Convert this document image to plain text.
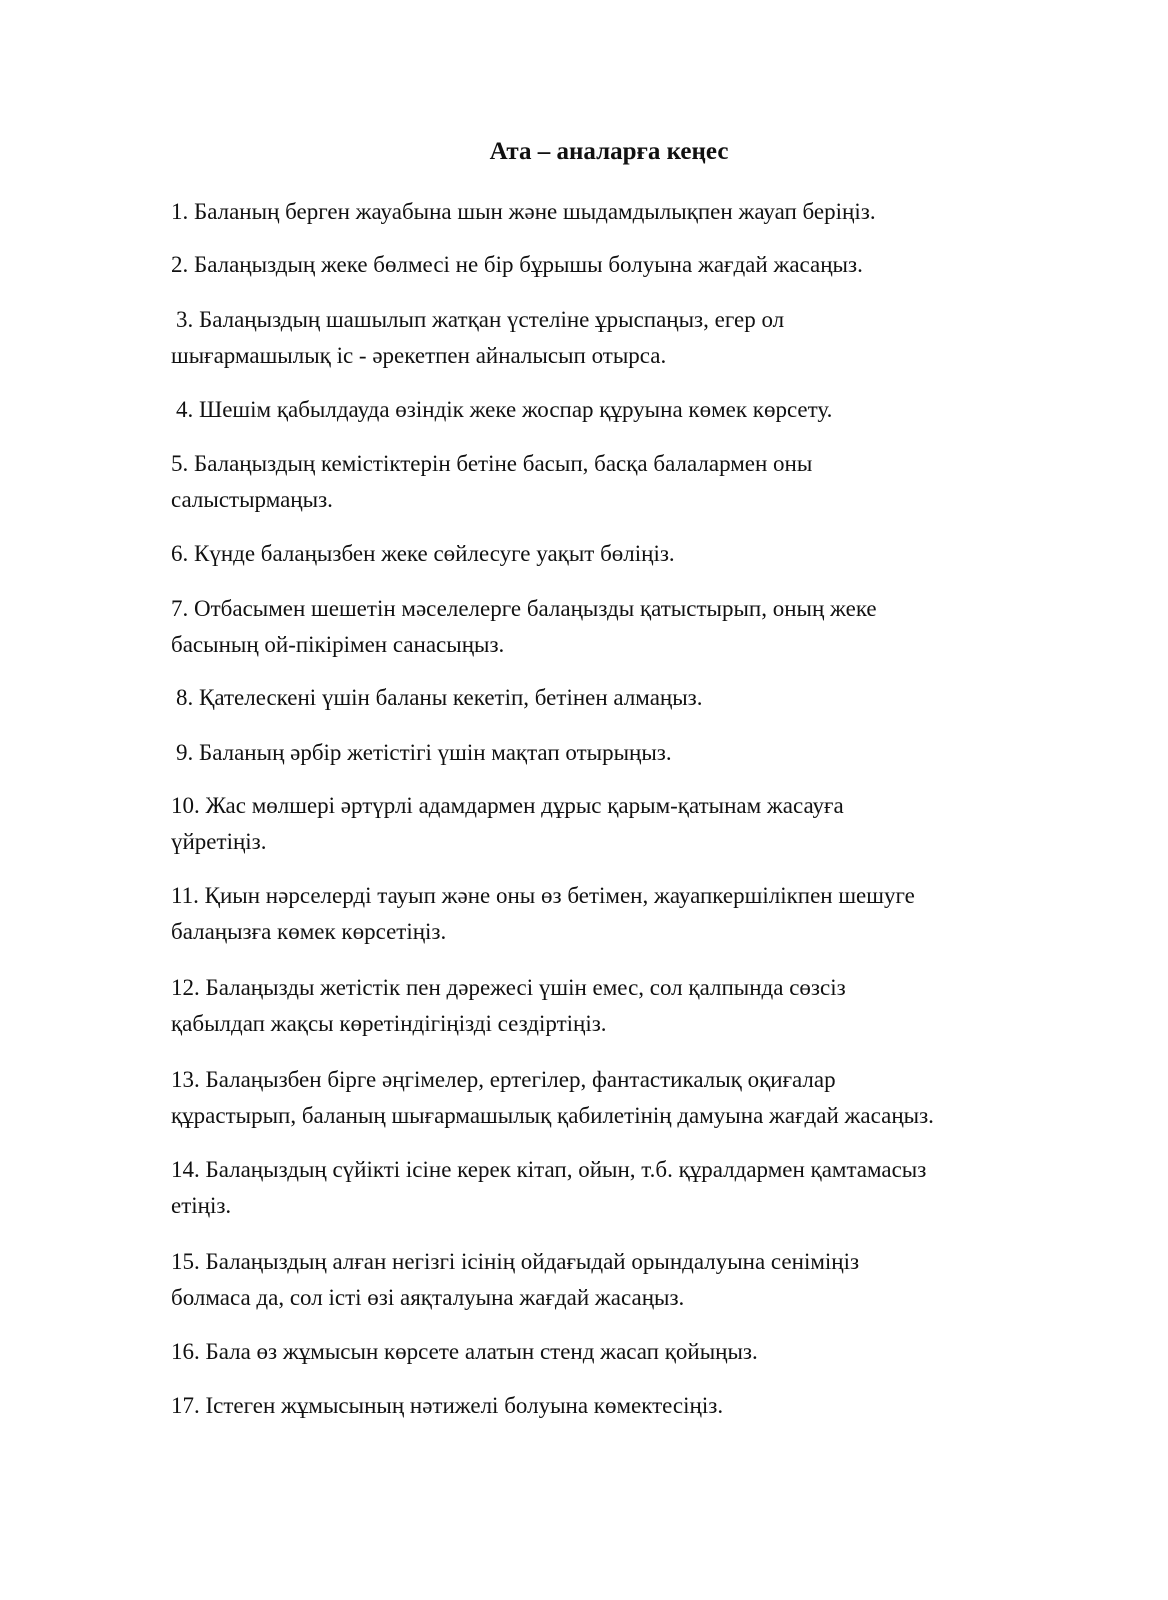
Ата – аналарға кеңес

1. Баланың берген жауабына шын және шыдамдылықпен жауап беріңіз.

2. Балаңыздың жеке бөлмесі не бір бұрышы болуына жағдай жасаңыз.

3. Балаңыздың шашылып жатқан үстеліне ұрыспаңыз, егер ол
шығармашылық іс - әрекетпен айналысып отырса.

4. Шешім қабылдауда өзіндік жеке жоспар құруына көмек көрсету.

5. Балаңыздың кемістіктерін бетіне басып, басқа балалармен оны
салыстырмаңыз.

6. Күнде балаңызбен жеке сөйлесуге уақыт бөліңіз.

7. Отбасымен шешетін мәселелерге балаңызды қатыстырып, оның жеке
басының ой-пікірімен санасыңыз.

8. Қателескені үшін баланы кекетіп, бетінен алмаңыз.

9. Баланың әрбір жетістігі үшін мақтап отырыңыз.

10. Жас мөлшері әртүрлі адамдармен дұрыс қарым-қатынам жасауға
үйретіңіз.

11. Қиын нәрселерді тауып және оны өз бетімен, жауапкершілікпен шешуге
балаңызға көмек көрсетіңіз.

12. Балаңызды жетістік пен дәрежесі үшін емес, сол қалпында сөзсіз
қабылдап жақсы көретіндігіңізді сездіртіңіз.

13. Балаңызбен бірге әңгімелер, ертегілер, фантастикалық оқиғалар
құрастырып, баланың шығармашылық қабилетінің дамуына жағдай жасаңыз.

14. Балаңыздың сүйікті ісіне керек кітап, ойын, т.б. құралдармен қамтамасыз
етіңіз.

15. Балаңыздың алған негізгі ісінің ойдағыдай орындалуына сеніміңіз
болмаса да, сол істі өзі аяқталуына жағдай жасаңыз.

16. Бала өз жұмысын көрсете алатын стенд жасап қойыңыз.

17. Істеген жұмысының нәтижелі болуына көмектесіңіз.
